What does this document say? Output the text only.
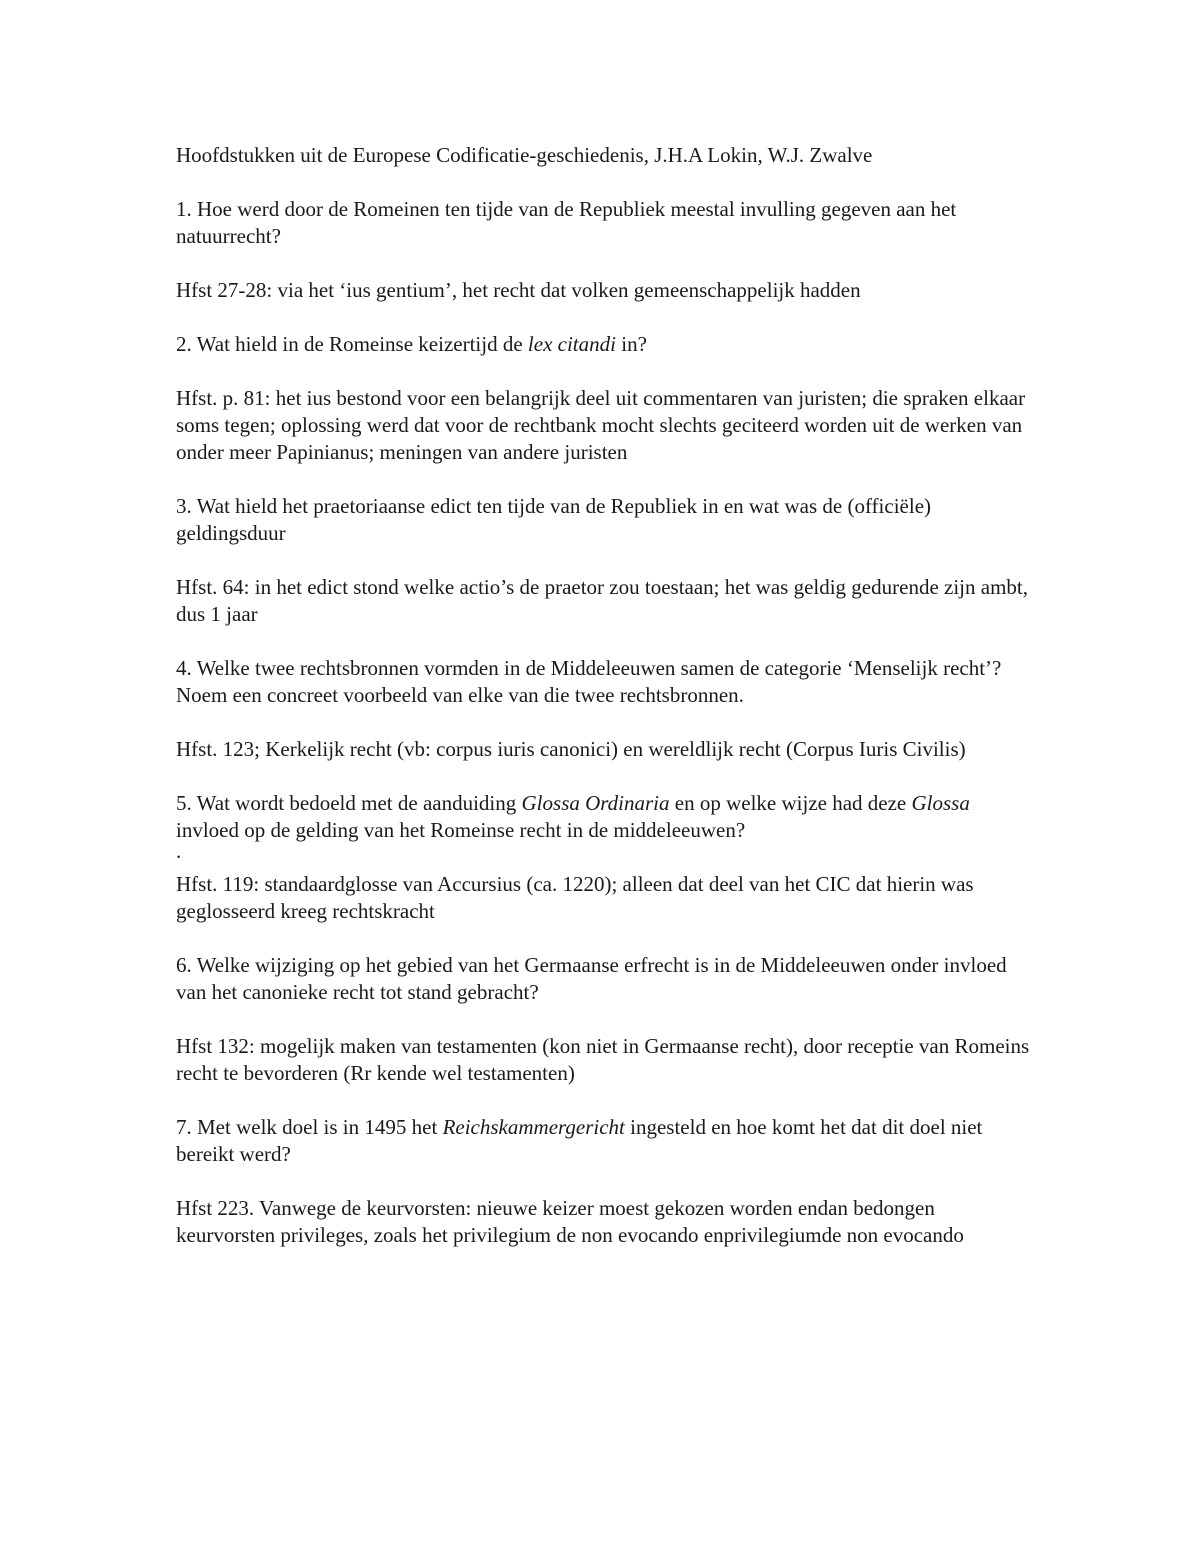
Hoofdstukken uit de Europese Codificatie-geschiedenis, J.H.A Lokin, W.J. Zwalve

1. Hoe werd door de Romeinen ten tijde van de Republiek meestal invulling gegeven aan het natuurrecht?

Hfst 27-28: via het ‘ius gentium’, het recht dat volken gemeenschappelijk hadden

2. Wat hield in de Romeinse keizertijd de lex citandi in?

Hfst. p. 81: het ius bestond voor een belangrijk deel uit commentaren van juristen; die spraken elkaar soms tegen; oplossing werd dat voor de rechtbank mocht slechts geciteerd worden uit de werken van onder meer Papinianus; meningen van andere juristen

3. Wat hield het praetoriaanse edict ten tijde van de Republiek in en wat was de (officiële) geldingsduur

Hfst. 64: in het edict stond welke actio’s de praetor zou toestaan; het was geldig gedurende zijn ambt, dus 1 jaar

4. Welke twee rechtsbronnen vormden in de Middeleeuwen samen de categorie ‘Menselijk recht’? Noem een concreet voorbeeld van elke van die twee rechtsbronnen.

Hfst. 123; Kerkelijk recht (vb: corpus iuris canonici) en wereldlijk recht (Corpus Iuris Civilis)

5. Wat wordt bedoeld met de aanduiding Glossa Ordinaria en op welke wijze had deze Glossa invloed op de gelding van het Romeinse recht in de middeleeuwen?

.

Hfst. 119: standaardglosse van Accursius (ca. 1220); alleen dat deel van het CIC dat hierin was geglosseerd kreeg rechtskracht

6. Welke wijziging op het gebied van het Germaanse erfrecht is in de Middeleeuwen onder invloed van het canonieke recht tot stand gebracht?

Hfst 132: mogelijk maken van testamenten (kon niet in Germaanse recht), door receptie van Romeins recht te bevorderen (Rr kende wel testamenten)

7. Met welk doel is in 1495 het Reichskammergericht ingesteld en hoe komt het dat dit doel niet bereikt werd?

Hfst 223. Vanwege de keurvorsten: nieuwe keizer moest gekozen worden endan bedongen keurvorsten privileges, zoals het privilegium de non evocando enprivilegiumde non evocando
